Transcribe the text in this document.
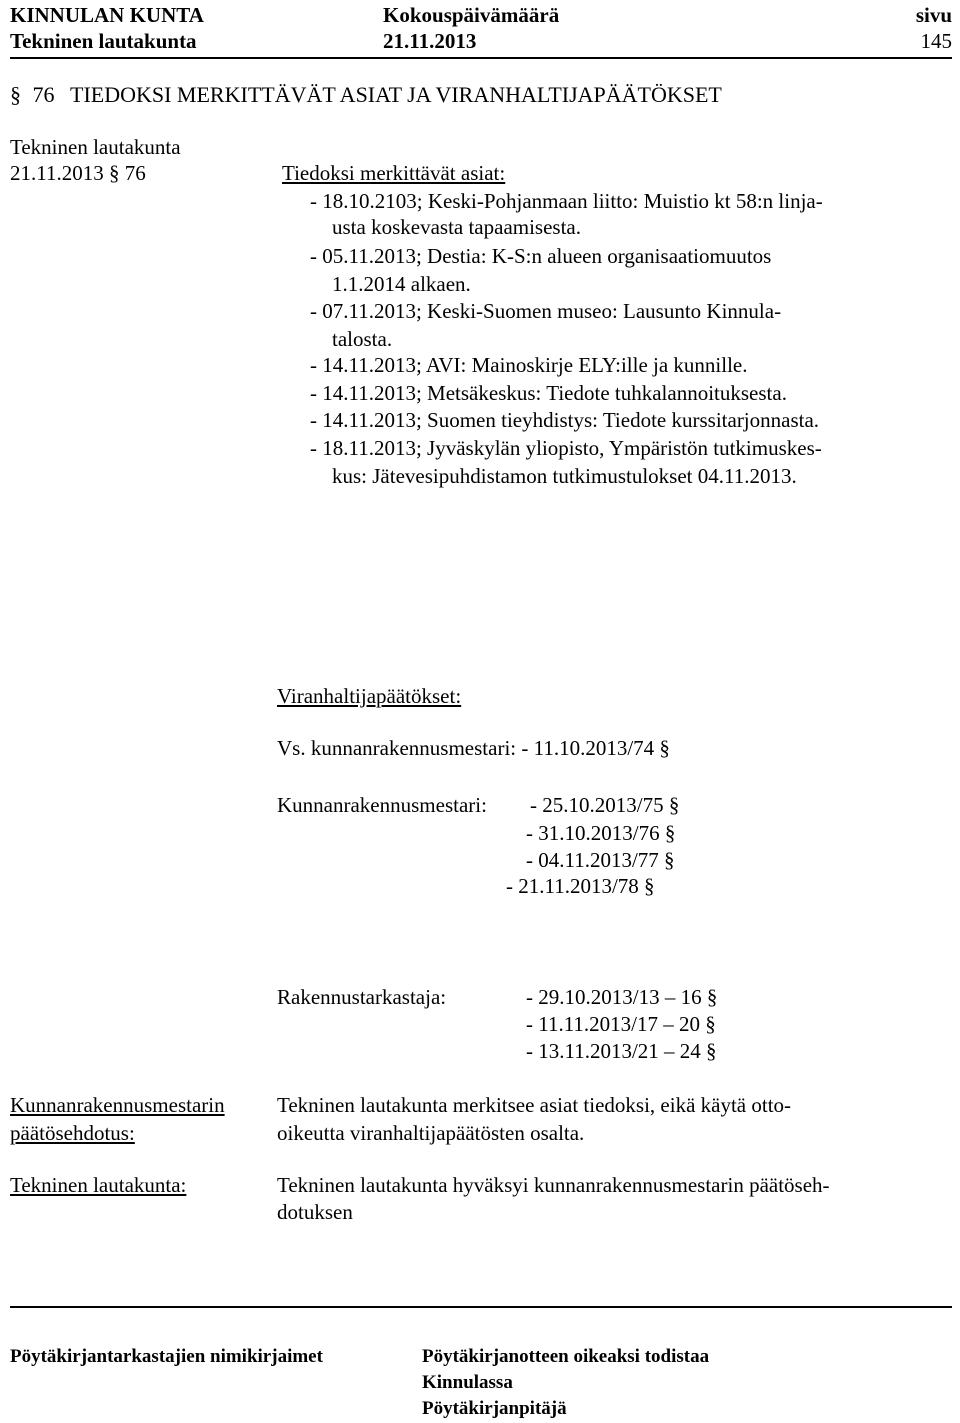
KINNULAN KUNTA
Tekninen lautakunta
Kokouspäivämäärä
21.11.2013
sivu
145
§ 76 TIEDOKSI MERKITTÄVÄT ASIAT JA VIRANHALTIJAPÄÄTÖKSET
Tekninen lautakunta
21.11.2013 § 76	Tiedoksi merkittävät asiat:
- 18.10.2103; Keski-Pohjanmaan liitto: Muistio kt 58:n linja-
usta koskevasta tapaamisesta.
- 05.11.2013; Destia: K-S:n alueen organisaatiomuutos
1.1.2014 alkaen.
- 07.11.2013; Keski-Suomen museo: Lausunto Kinnula-
talosta.
- 14.11.2013; AVI: Mainoskirje ELY:ille ja kunnille.
- 14.11.2013; Metsäkeskus: Tiedote tuhkalannoituksesta.
- 14.11.2013; Suomen tieyhdistys: Tiedote kurssitarjonnasta.
- 18.11.2013; Jyväskylän yliopisto, Ympäristön tutkimuskes-
kus: Jätevesipuhdistamon tutkimustulokset 04.11.2013.
Viranhaltijapäätökset:
Vs. kunnanrakennusmestari: - 11.10.2013/74 §
Kunnanrakennusmestari: - 25.10.2013/75 §
- 31.10.2013/76 §
- 04.11.2013/77 §
- 21.11.2013/78 §
Rakennustarkastaja:	- 29.10.2013/13 – 16 §
- 11.11.2013/17 – 20 §
- 13.11.2013/21 – 24 §
Kunnanrakennusmestarin
päätösehdotus:
Tekninen lautakunta merkitsee asiat tiedoksi, eikä käytä otto-
oikeutta viranhaltijapäätösten osalta.
Tekninen lautakunta:	Tekninen lautakunta hyväksyi kunnanrakennusmestarin päätöseh-
dotuksen
Pöytäkirjantarkastajien nimikirjaimet	Pöytäkirjanotteen oikeaksi todistaa
Kinnulassa
Pöytäkirjanpitäjä
